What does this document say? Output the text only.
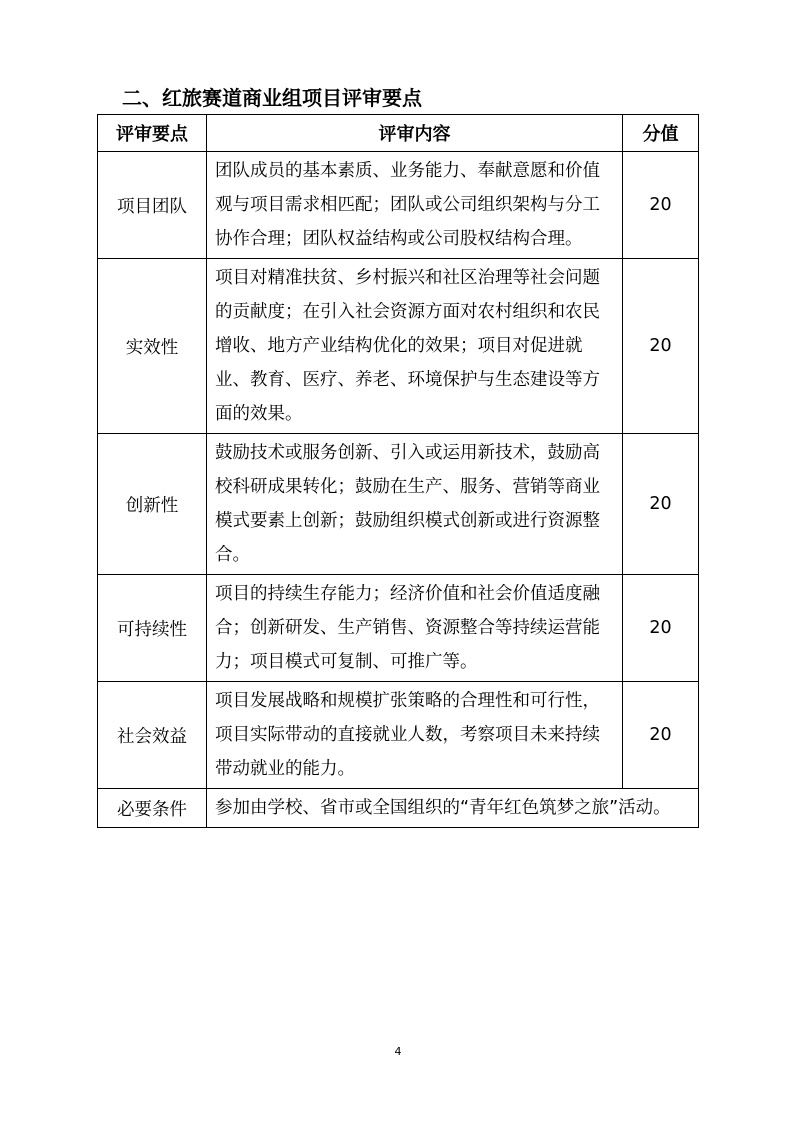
二、红旅赛道商业组项目评审要点
评审要点	评审内容	分值
项目团队	团队成员的基本素质、业务能力、奉献意愿和价值观与项目需求相匹配；团队或公司组织架构与分工协作合理；团队权益结构或公司股权结构合理。	20
实效性	项目对精准扶贫、乡村振兴和社区治理等社会问题的贡献度；在引入社会资源方面对农村组织和农民增收、地方产业结构优化的效果；项目对促进就业、教育、医疗、养老、环境保护与生态建设等方面的效果。	20
创新性	鼓励技术或服务创新、引入或运用新技术，鼓励高校科研成果转化；鼓励在生产、服务、营销等商业模式要素上创新；鼓励组织模式创新或进行资源整合。	20
可持续性	项目的持续生存能力；经济价值和社会价值适度融合；创新研发、生产销售、资源整合等持续运营能力；项目模式可复制、可推广等。	20
社会效益	项目发展战略和规模扩张策略的合理性和可行性，项目实际带动的直接就业人数，考察项目未来持续带动就业的能力。	20
必要条件	参加由学校、省市或全国组织的“青年红色筑梦之旅”活动。	
4
